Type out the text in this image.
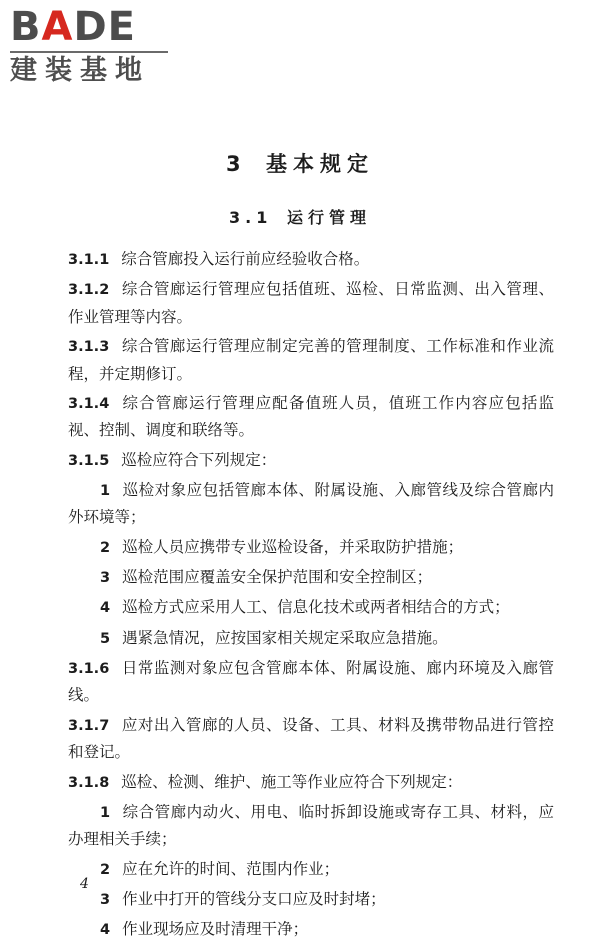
BADE
建装基地
3 基本规定
3.1 运行管理

3.1.1 综合管廊投入运行前应经验收合格。

3.1.2 综合管廊运行管理应包括值班、巡检、日常监测、出入管理、作业管理等内容。

3.1.3 综合管廊运行管理应制定完善的管理制度、工作标准和作业流程，并定期修订。

3.1.4 综合管廊运行管理应配备值班人员，值班工作内容应包括监视、控制、调度和联络等。

3.1.5 巡检应符合下列规定：

1 巡检对象应包括管廊本体、附属设施、入廊管线及综合管廊内外环境等；

2 巡检人员应携带专业巡检设备，并采取防护措施；

3 巡检范围应覆盖安全保护范围和安全控制区；

4 巡检方式应采用人工、信息化技术或两者相结合的方式；

5 遇紧急情况，应按国家相关规定采取应急措施。

3.1.6 日常监测对象应包含管廊本体、附属设施、廊内环境及入廊管线。

3.1.7 应对出入管廊的人员、设备、工具、材料及携带物品进行管控和登记。

3.1.8 巡检、检测、维护、施工等作业应符合下列规定：

1 综合管廊内动火、用电、临时拆卸设施或寄存工具、材料，应办理相关手续；

2 应在允许的时间、范围内作业；

3 作业中打开的管线分支口应及时封堵；

4 作业现场应及时清理干净；

4
